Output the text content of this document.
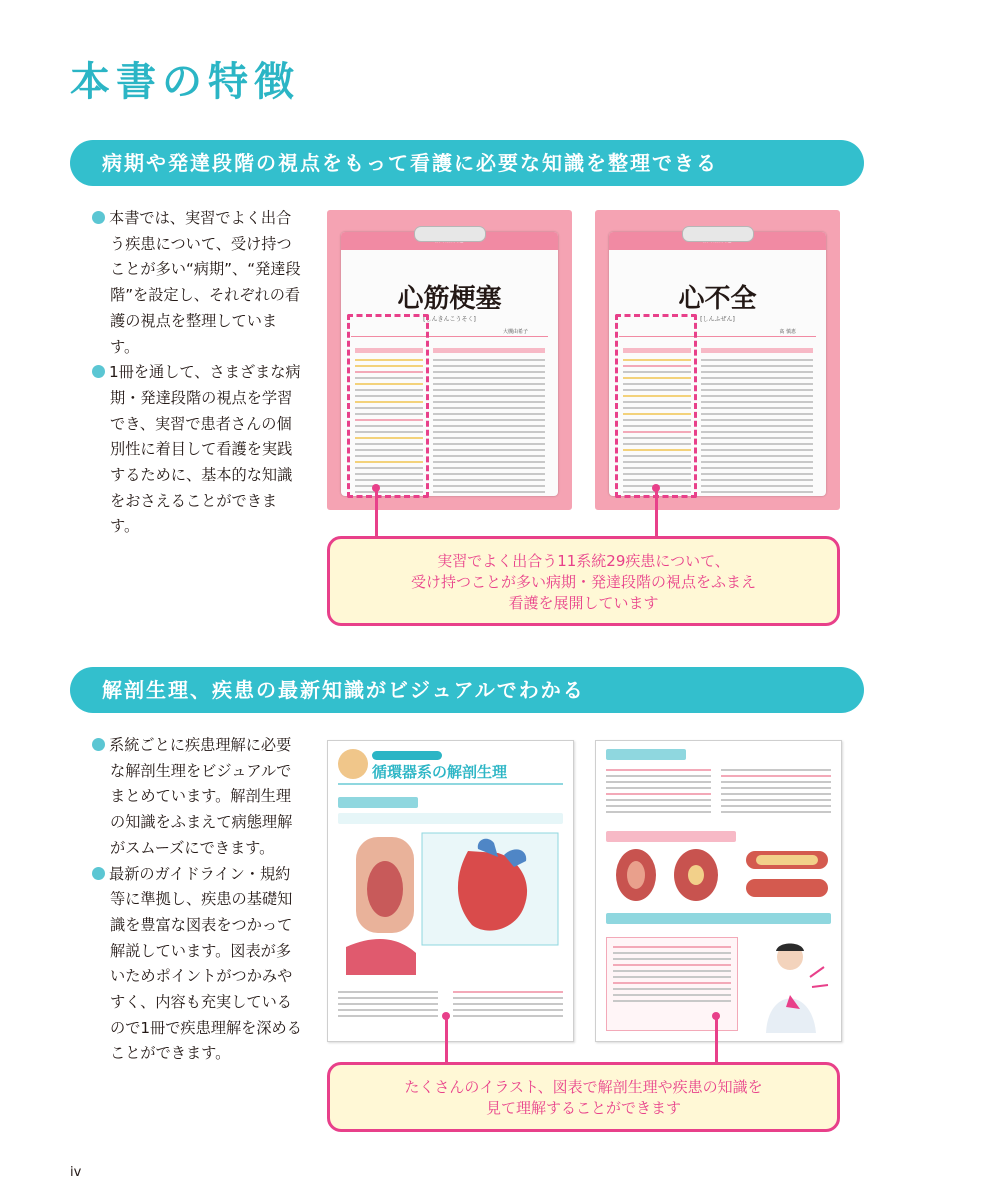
本書の特徴
病期や発達段階の視点をもって看護に必要な知識を整理できる
本書では、実習でよく出合う疾患について、受け持つことが多い“病期”、“発達段階”を設定し、それぞれの看護の視点を整理しています。
1冊を通して、さまざまな病期・発達段階の視点を学習でき、実習で患者さんの個別性に着目して看護を実践するために、基本的な知識をおさえることができます。
心筋梗塞
[しんきんこうそく]
大槻由希子
心不全
[しんふぜん]
髙 慎恵
実習でよく出合う11系統29疾患について、
受け持つことが多い病期・発達段階の視点をふまえ
看護を展開しています
解剖生理、疾患の最新知識がビジュアルでわかる
系統ごとに疾患理解に必要な解剖生理をビジュアルでまとめています。解剖生理の知識をふまえて病態理解がスムーズにできます。
最新のガイドライン・規約等に準拠し、疾患の基礎知識を豊富な図表をつかって解説しています。図表が多いためポイントがつかみやすく、内容も充実しているので1冊で疾患理解を深めることができます。
循環器系の解剖生理
たくさんのイラスト、図表で解剖生理や疾患の知識を
見て理解することができます
iv
